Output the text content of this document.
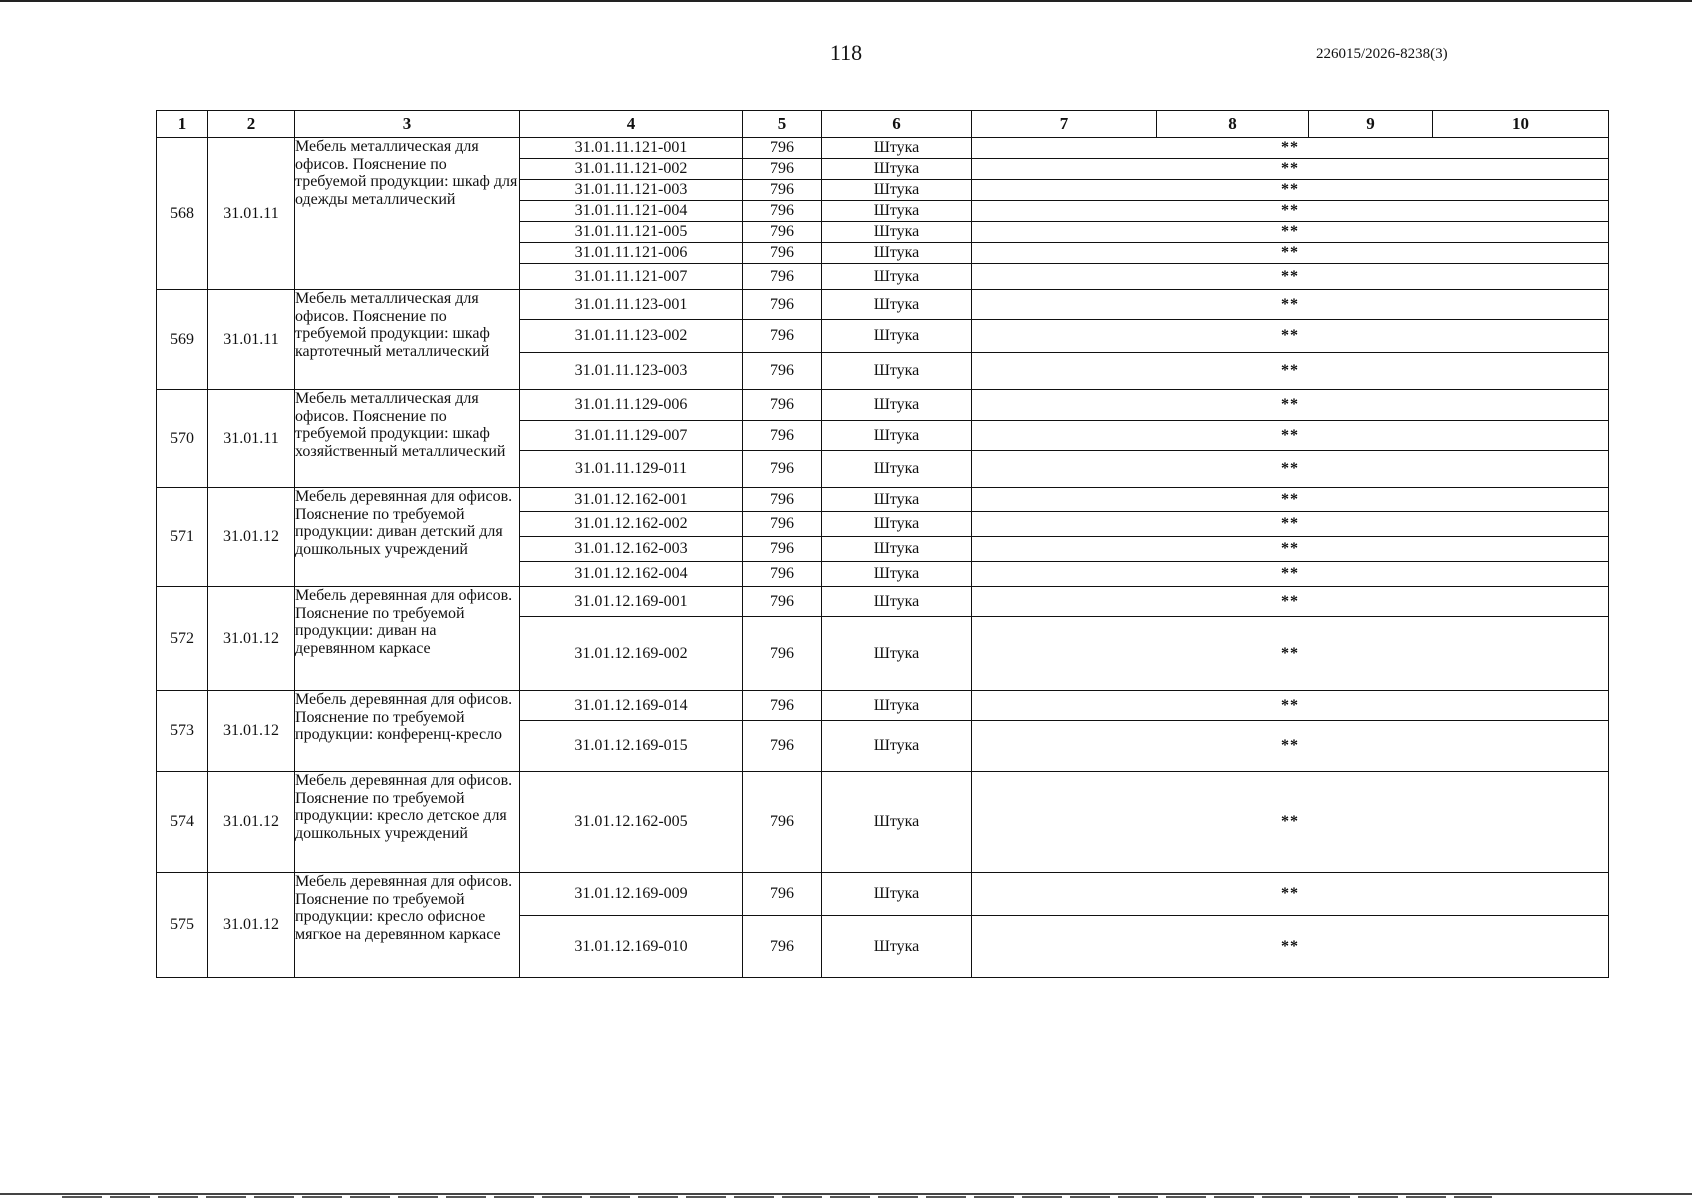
118	226015/2026-8238(3)
1	2	3	4	5	6	7	8	9	10
568	31.01.11	Мебель металлическая для офисов. Пояснение по требуемой продукции: шкаф для одежды металлический	31.01.11.121-001	796	Штука	**			
			31.01.11.121-002	796	Штука	**			
			31.01.11.121-003	796	Штука	**			
			31.01.11.121-004	796	Штука	**			
			31.01.11.121-005	796	Штука	**			
			31.01.11.121-006	796	Штука	**			
			31.01.11.121-007	796	Штука	**			
569	31.01.11	Мебель металлическая для офисов. Пояснение по требуемой продукции: шкаф картотечный металлический	31.01.11.123-001	796	Штука	**			
			31.01.11.123-002	796	Штука	**			
			31.01.11.123-003	796	Штука	**			
570	31.01.11	Мебель металлическая для офисов. Пояснение по требуемой продукции: шкаф хозяйственный металлический	31.01.11.129-006	796	Штука	**			
			31.01.11.129-007	796	Штука	**			
			31.01.11.129-011	796	Штука	**			
571	31.01.12	Мебель деревянная для офисов. Пояснение по требуемой продукции: диван детский для дошкольных учреждений	31.01.12.162-001	796	Штука	**			
			31.01.12.162-002	796	Штука	**			
			31.01.12.162-003	796	Штука	**			
			31.01.12.162-004	796	Штука	**			
572	31.01.12	Мебель деревянная для офисов. Пояснение по требуемой продукции: диван на деревянном каркасе	31.01.12.169-001	796	Штука	**			
			31.01.12.169-002	796	Штука	**			
573	31.01.12	Мебель деревянная для офисов. Пояснение по требуемой продукции: конференц-кресло	31.01.12.169-014	796	Штука	**			
			31.01.12.169-015	796	Штука	**			
574	31.01.12	Мебель деревянная для офисов. Пояснение по требуемой продукции: кресло детское для дошкольных учреждений	31.01.12.162-005	796	Штука	**			
575	31.01.12	Мебель деревянная для офисов. Пояснение по требуемой продукции: кресло офисное мягкое на деревянном каркасе	31.01.12.169-009	796	Штука	**			
			31.01.12.169-010	796	Штука	**			
